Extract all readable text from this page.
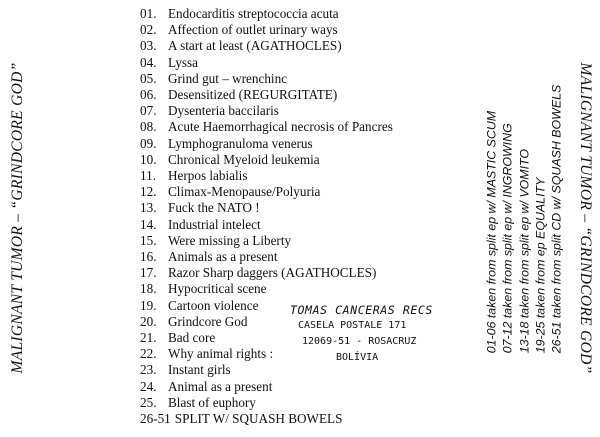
MALIGNANT TUMOR – “GRINDCORE GOD”
01. Endocarditis streptococcia acuta
02. Affection of outlet urinary ways
03. A start at least (AGATHOCLES)
04. Lyssa
05. Grind gut – wrenchinc
06. Desensitized (REGURGITATE)
07. Dysenteria baccilaris
08. Acute Haemorrhagical necrosis of Pancres
09. Lymphogranuloma venerus
10. Chronical Myeloid leukemia
11. Herpos labialis
12. Climax-Menopause/Polyuria
13. Fuck the NATO !
14. Industrial intelect
15. Were missing a Liberty
16. Animals as a present
17. Razor Sharp daggers (AGATHOCLES)
18. Hypocritical scene
19. Cartoon violence
20. Grindcore God
21. Bad core
22. Why animal rights :
23. Instant girls
24. Animal as a present
25. Blast of euphory
26-51 SPLIT W/ SQUASH BOWELS
TOMAS CANCERAS RECS
CASELA POSTALE 171
12069-51 - ROSACRUZ
BOLÍVIA
01-06 taken from split ep w/ MASTIC SCUM 07-12 taken from split ep w/ INGROWING 13-18 taken from split ep w/ VOMITO 19-25 taken from ep EQUALITY 26-51 taken from split CD w/ SQUASH BOWELS MALIGNANT TUMOR – “GRINDCORE GOD”
